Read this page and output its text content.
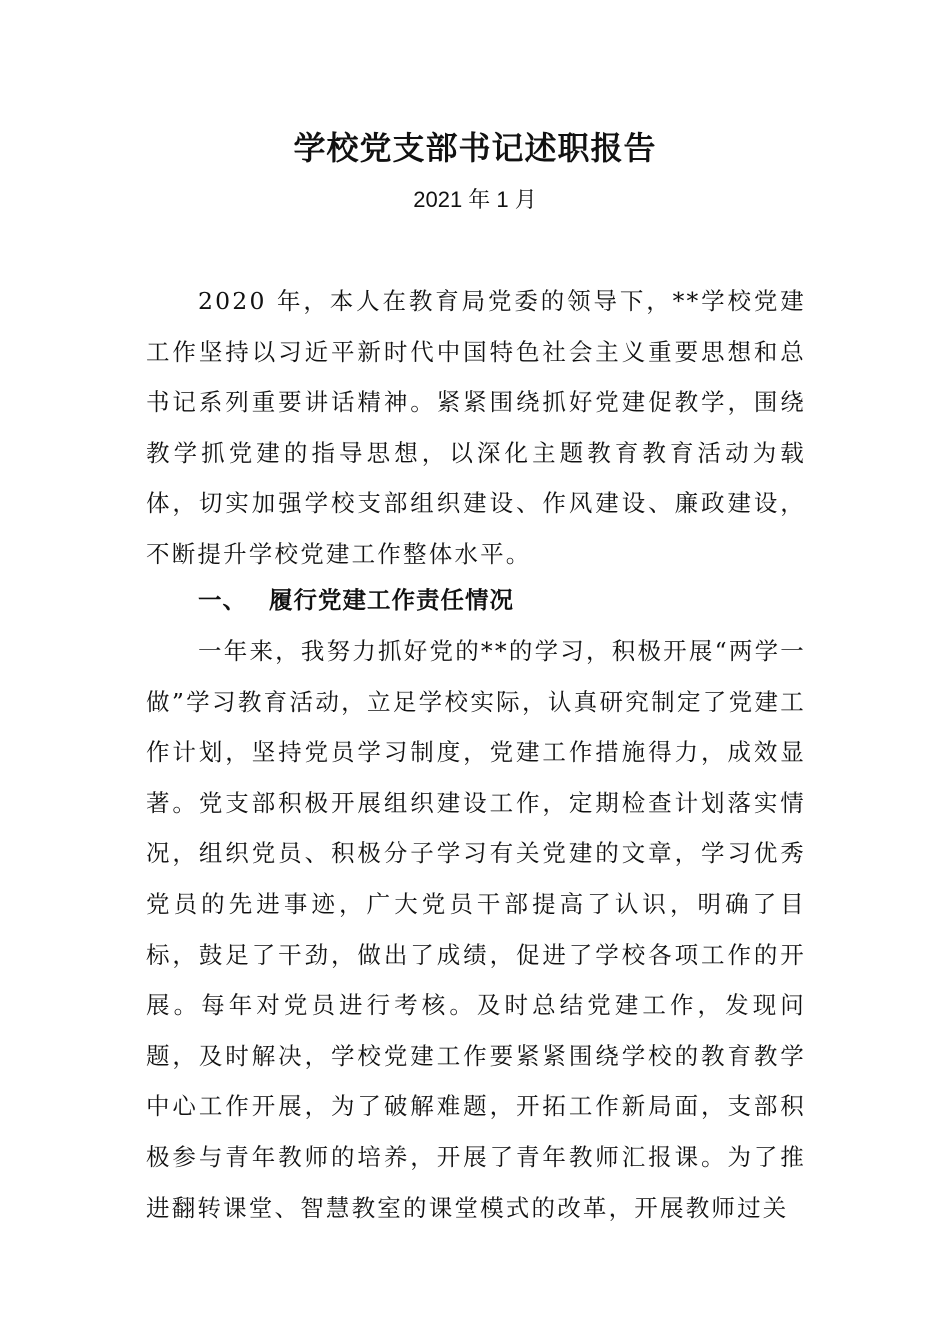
学校党支部书记述职报告
2021 年 1 月

2020 年，本人在教育局党委的领导下，**学校党建工作坚持以习近平新时代中国特色社会主义重要思想和总书记系列重要讲话精神。紧紧围绕抓好党建促教学，围绕教学抓党建的指导思想，以深化主题教育教育活动为载体，切实加强学校支部组织建设、作风建设、廉政建设，不断提升学校党建工作整体水平。

一、 履行党建工作责任情况

一年来，我努力抓好党的**的学习，积极开展“两学一做”学习教育活动，立足学校实际，认真研究制定了党建工作计划，坚持党员学习制度，党建工作措施得力，成效显著。党支部积极开展组织建设工作，定期检查计划落实情况，组织党员、积极分子学习有关党建的文章，学习优秀党员的先进事迹，广大党员干部提高了认识，明确了目标，鼓足了干劲，做出了成绩，促进了学校各项工作的开展。每年对党员进行考核。及时总结党建工作，发现问题，及时解决，学校党建工作要紧紧围绕学校的教育教学中心工作开展，为了破解难题，开拓工作新局面，支部积极参与青年教师的培养，开展了青年教师汇报课。为了推进翻转课堂、智慧教室的课堂模式的改革，开展教师过关
